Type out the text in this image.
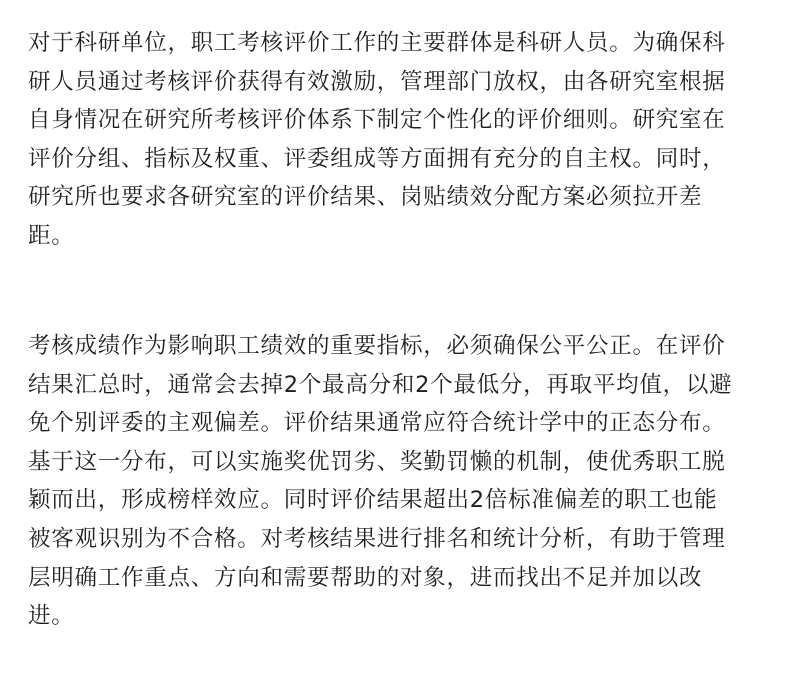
对于科研单位，职工考核评价工作的主要群体是科研人员。为确保科
研人员通过考核评价获得有效激励，管理部门放权，由各研究室根据
自身情况在研究所考核评价体系下制定个性化的评价细则。研究室在
评价分组、指标及权重、评委组成等方面拥有充分的自主权。同时，
研究所也要求各研究室的评价结果、岗贴绩效分配方案必须拉开差
距。

考核成绩作为影响职工绩效的重要指标，必须确保公平公正。在评价
结果汇总时，通常会去掉2个最高分和2个最低分，再取平均值，以避
免个别评委的主观偏差。评价结果通常应符合统计学中的正态分布。
基于这一分布，可以实施奖优罚劣、奖勤罚懒的机制，使优秀职工脱
颖而出，形成榜样效应。同时评价结果超出2倍标准偏差的职工也能
被客观识别为不合格。对考核结果进行排名和统计分析，有助于管理
层明确工作重点、方向和需要帮助的对象，进而找出不足并加以改
进。
